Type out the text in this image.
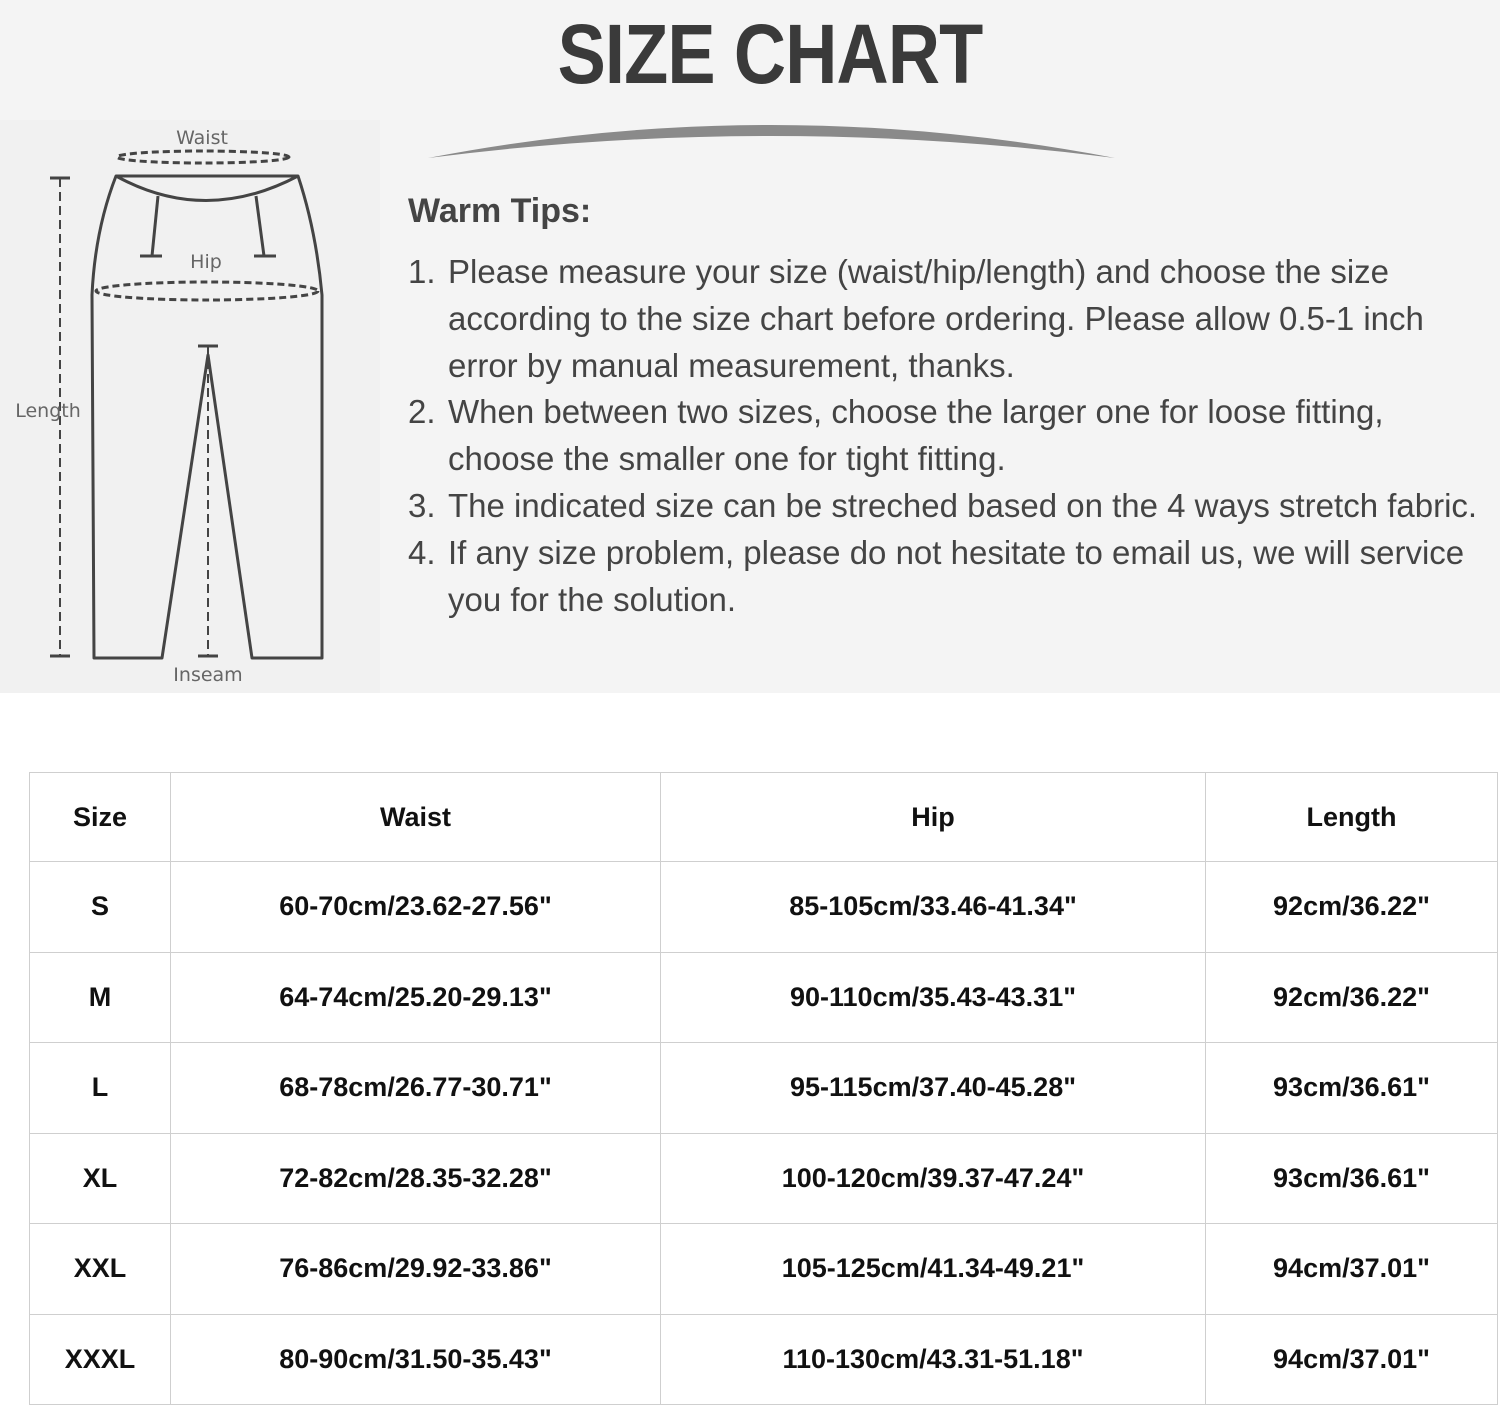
SIZE CHART
Waist
Hip
Length
Inseam
Warm Tips:
1. Please measure your size (waist/hip/length) and choose the size according to the size chart before ordering. Please allow 0.5-1 inch error by manual measurement, thanks.
2. When between two sizes, choose the larger one for loose fitting, choose the smaller one for tight fitting.
3. The indicated size can be streched based on the 4 ways stretch fabric.
4. If any size problem, please do not hesitate to email us, we will service you for the solution.
Size	Waist	Hip	Length
S	60-70cm/23.62-27.56"	85-105cm/33.46-41.34"	92cm/36.22"
M	64-74cm/25.20-29.13"	90-110cm/35.43-43.31"	92cm/36.22"
L	68-78cm/26.77-30.71"	95-115cm/37.40-45.28"	93cm/36.61"
XL	72-82cm/28.35-32.28"	100-120cm/39.37-47.24"	93cm/36.61"
XXL	76-86cm/29.92-33.86"	105-125cm/41.34-49.21"	94cm/37.01"
XXXL	80-90cm/31.50-35.43"	110-130cm/43.31-51.18"	94cm/37.01"
